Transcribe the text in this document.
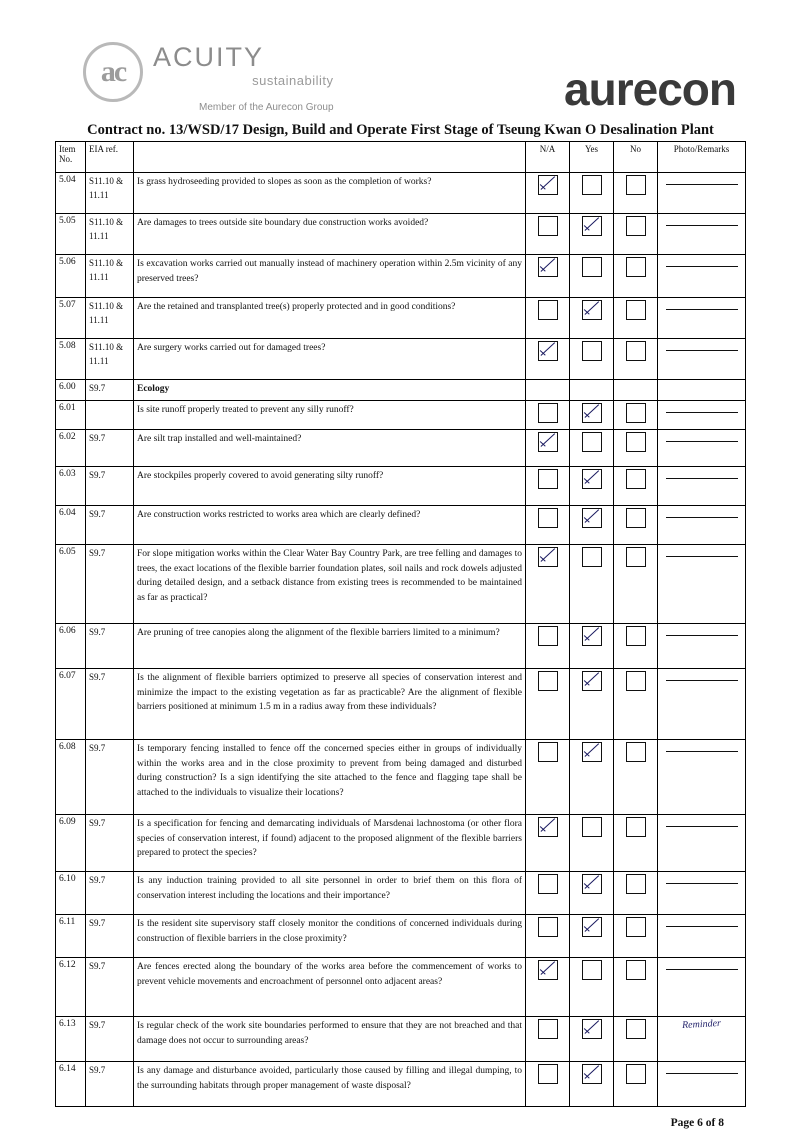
ac	ACUITY
sustainability
Member of the Aurecon Group	aurecon
Contract no. 13/WSD/17 Design, Build and Operate First Stage of Tseung Kwan O Desalination Plant
Item
No.	EIA ref.		N/A	Yes	No	Photo/Remarks
5.04	S11.10 & 11.11	Is grass hydroseeding provided to slopes as soon as the completion of works?				

5.05	S11.10 & 11.11	Are damages to trees outside site boundary due construction works avoided?				

5.06	S11.10 & 11.11	Is excavation works carried out manually instead of machinery operation within 2.5m vicinity of any preserved trees?				

5.07	S11.10 & 11.11	Are the retained and transplanted tree(s) properly protected and in good conditions?				

5.08	S11.10 & 11.11	Are surgery works carried out for damaged trees?				

6.00	S9.7	Ecology				
6.01		Is site runoff properly treated to prevent any silly runoff?				

6.02	S9.7	Are silt trap installed and well-maintained?				

6.03	S9.7	Are stockpiles properly covered to avoid generating silty runoff?				

6.04	S9.7	Are construction works restricted to works area which are clearly defined?				

6.05	S9.7	For slope mitigation works within the Clear Water Bay Country Park, are tree felling and damages to trees, the exact locations of the flexible barrier foundation plates, soil nails and rock dowels adjusted during detailed design, and a setback distance from existing trees is recommended to be maintained as far as practical?				

6.06	S9.7	Are pruning of tree canopies along the alignment of the flexible barriers limited to a minimum?				

6.07	S9.7	Is the alignment of flexible barriers optimized to preserve all species of conservation interest and minimize the impact to the existing vegetation as far as practicable? Are the alignment of flexible barriers positioned at minimum 1.5 m in a radius away from these individuals?				

6.08	S9.7	Is temporary fencing installed to fence off the concerned species either in groups of individually within the works area and in the close proximity to prevent from being damaged and disturbed during construction? Is a sign identifying the site attached to the fence and flagging tape shall be attached to the individuals to visualize their locations?				

6.09	S9.7	Is a specification for fencing and demarcating individuals of Marsdenai lachnostoma (or other flora species of conservation interest, if found) adjacent to the proposed alignment of the flexible barriers prepared to protect the species?				

6.10	S9.7	Is any induction training provided to all site personnel in order to brief them on this flora of conservation interest including the locations and their importance?				

6.11	S9.7	Is the resident site supervisory staff closely monitor the conditions of concerned individuals during construction of flexible barriers in the close proximity?				

6.12	S9.7	Are fences erected along the boundary of the works area before the commencement of works to prevent vehicle movements and encroachment of personnel onto adjacent areas?				

6.13	S9.7	Is regular check of the work site boundaries performed to ensure that they are not breached and that damage does not occur to surrounding areas?				Reminder

6.14	S9.7	Is any damage and disturbance avoided, particularly those caused by filling and illegal dumping, to the surrounding habitats through proper management of waste disposal?				
Page 6 of 8
